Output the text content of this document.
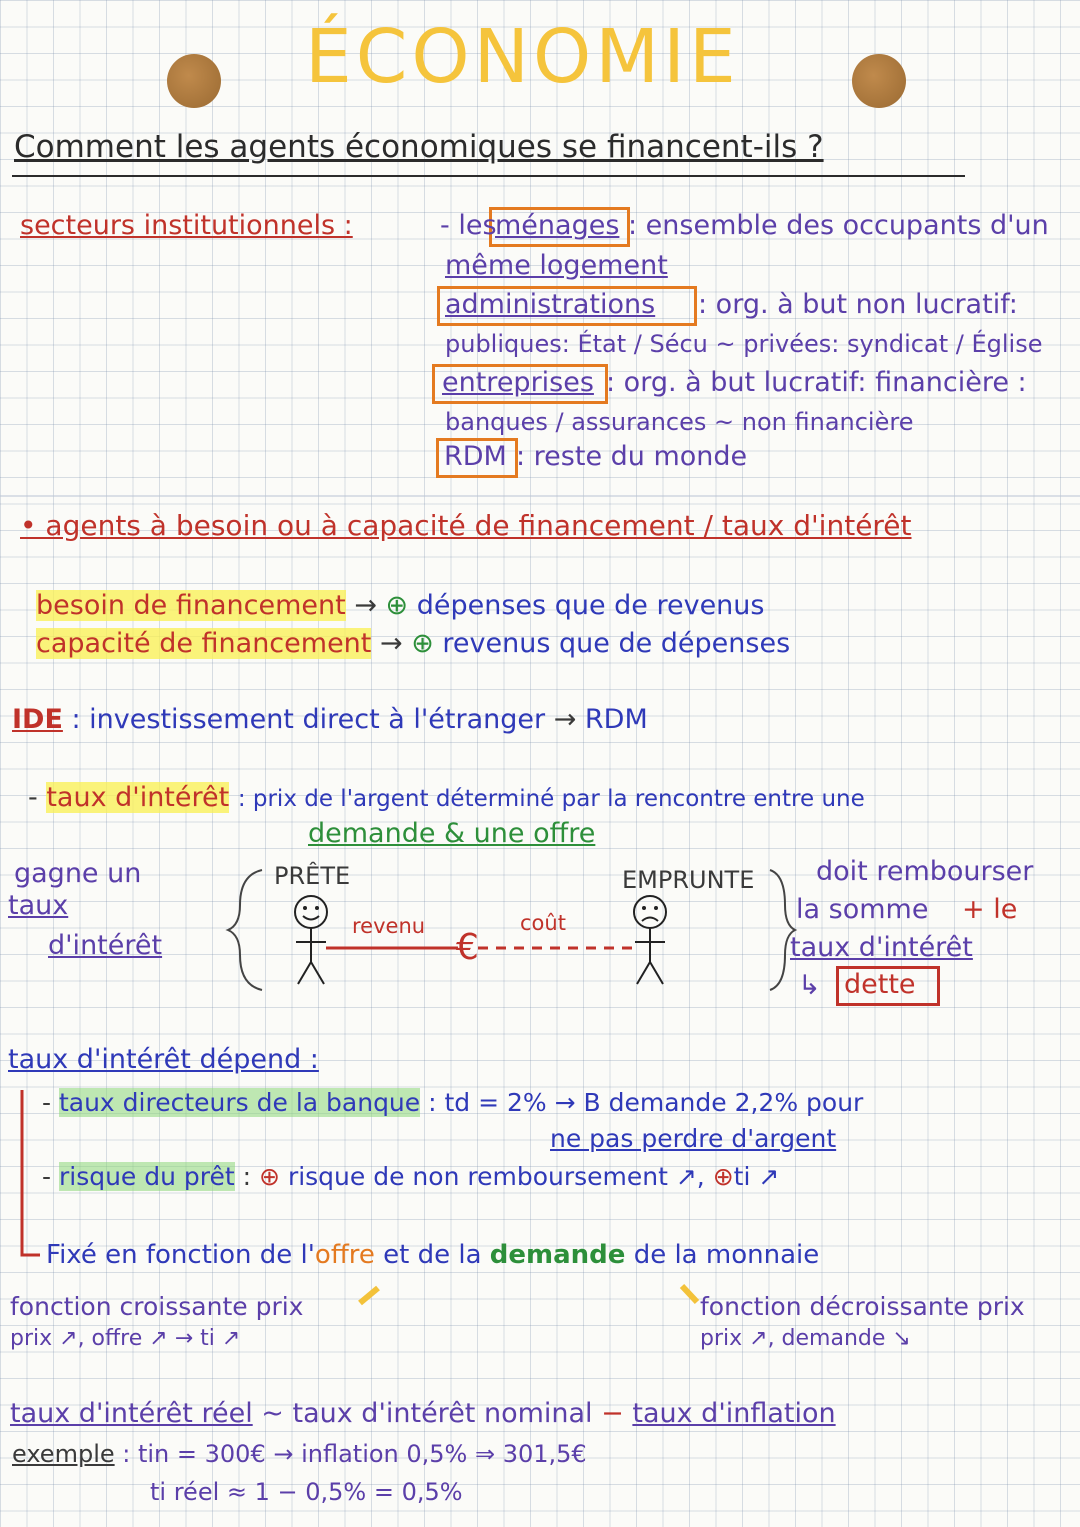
ÉCONOMIE
Comment les agents économiques se financent-ils ?
secteurs institutionnels :	- les
ménages : ensemble des occupants d'un
même logement
administrations : org. à but non lucratif:
publiques: État / Sécu ~ privées: syndicat / Église
entreprises : org. à but lucratif: financière :
banques / assurances ~ non financière
RDM : reste du monde
• agents à besoin ou à capacité de financement / taux d'intérêt
besoin de financement → ⊕ dépenses que de revenus
capacité de financement → ⊕ revenus que de dépenses
IDE : investissement direct à l'étranger → RDM
- taux d'intérêt : prix de l'argent déterminé par la rencontre entre une
demande & une offre
gagne un
taux
d'intérêt
PRÊTE	EMPRUNTE
revenu	coût
€
doit rembourser
la somme + le
taux d'intérêt
↳ dette
taux d'intérêt dépend :
- taux directeurs de la banque : td = 2% → B demande 2,2% pour
ne pas perdre d'argent
- risque du prêt : ⊕ risque de non remboursement ↗, ⊕ti ↗
Fixé en fonction de l'offre et de la demande de la monnaie
fonction croissante prix
prix ↗, offre ↗ → ti ↗
fonction décroissante prix
prix ↗, demande ↘
taux d'intérêt réel ~ taux d'intérêt nominal − taux d'inflation
exemple : tin = 300€ → inflation 0,5% ⇒ 301,5€
ti réel ≈ 1 − 0,5% = 0,5%
